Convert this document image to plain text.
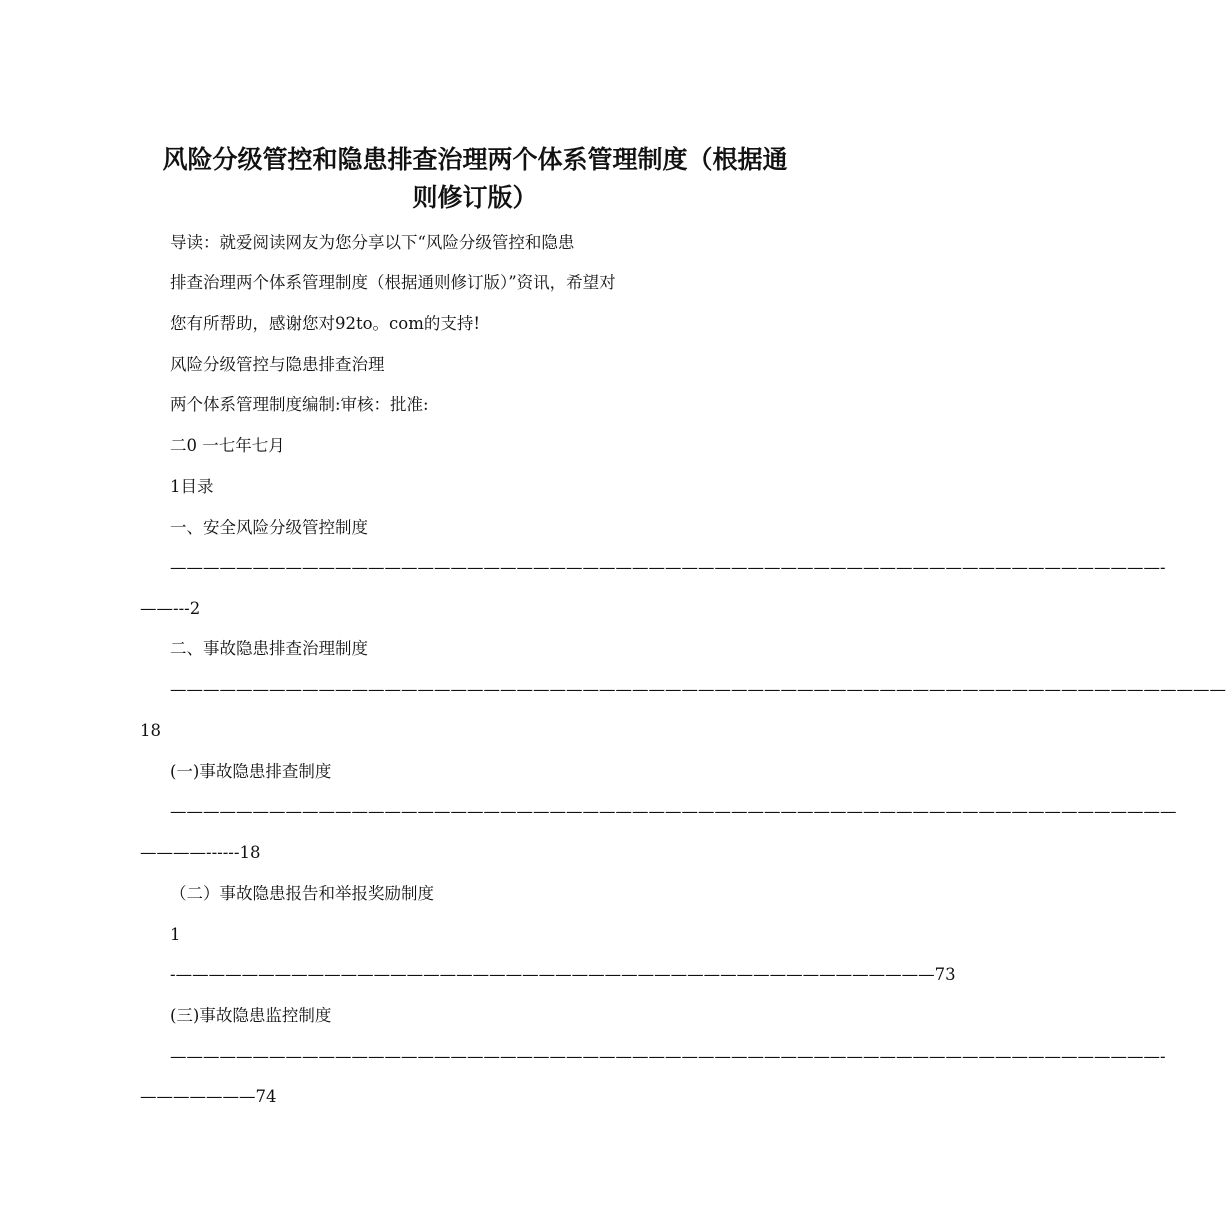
风险分级管控和隐患排查治理两个体系管理制度（根据通
则修订版）
导读：就爱阅读网友为您分享以下“风险分级管控和隐患
排查治理两个体系管理制度（根据通则修订版）”资讯，希望对
您有所帮助，感谢您对92to。com的支持!
风险分级管控与隐患排查治理
两个体系管理制度编制:审核：批准:
二0 一七年七月
1目录
一、安全风险分级管控制度
————————————————————————————————————————————————————————————-
——---2
二、事故隐患排查治理制度
————————————————————————————————————————————————————————————————
18
(一)事故隐患排查制度
—————————————————————————————————————————————————————————————
————------18
（二）事故隐患报告和举报奖励制度
1
-——————————————————————————————————————————————73
(三)事故隐患监控制度
————————————————————————————————————————————————————————————-
———————74
